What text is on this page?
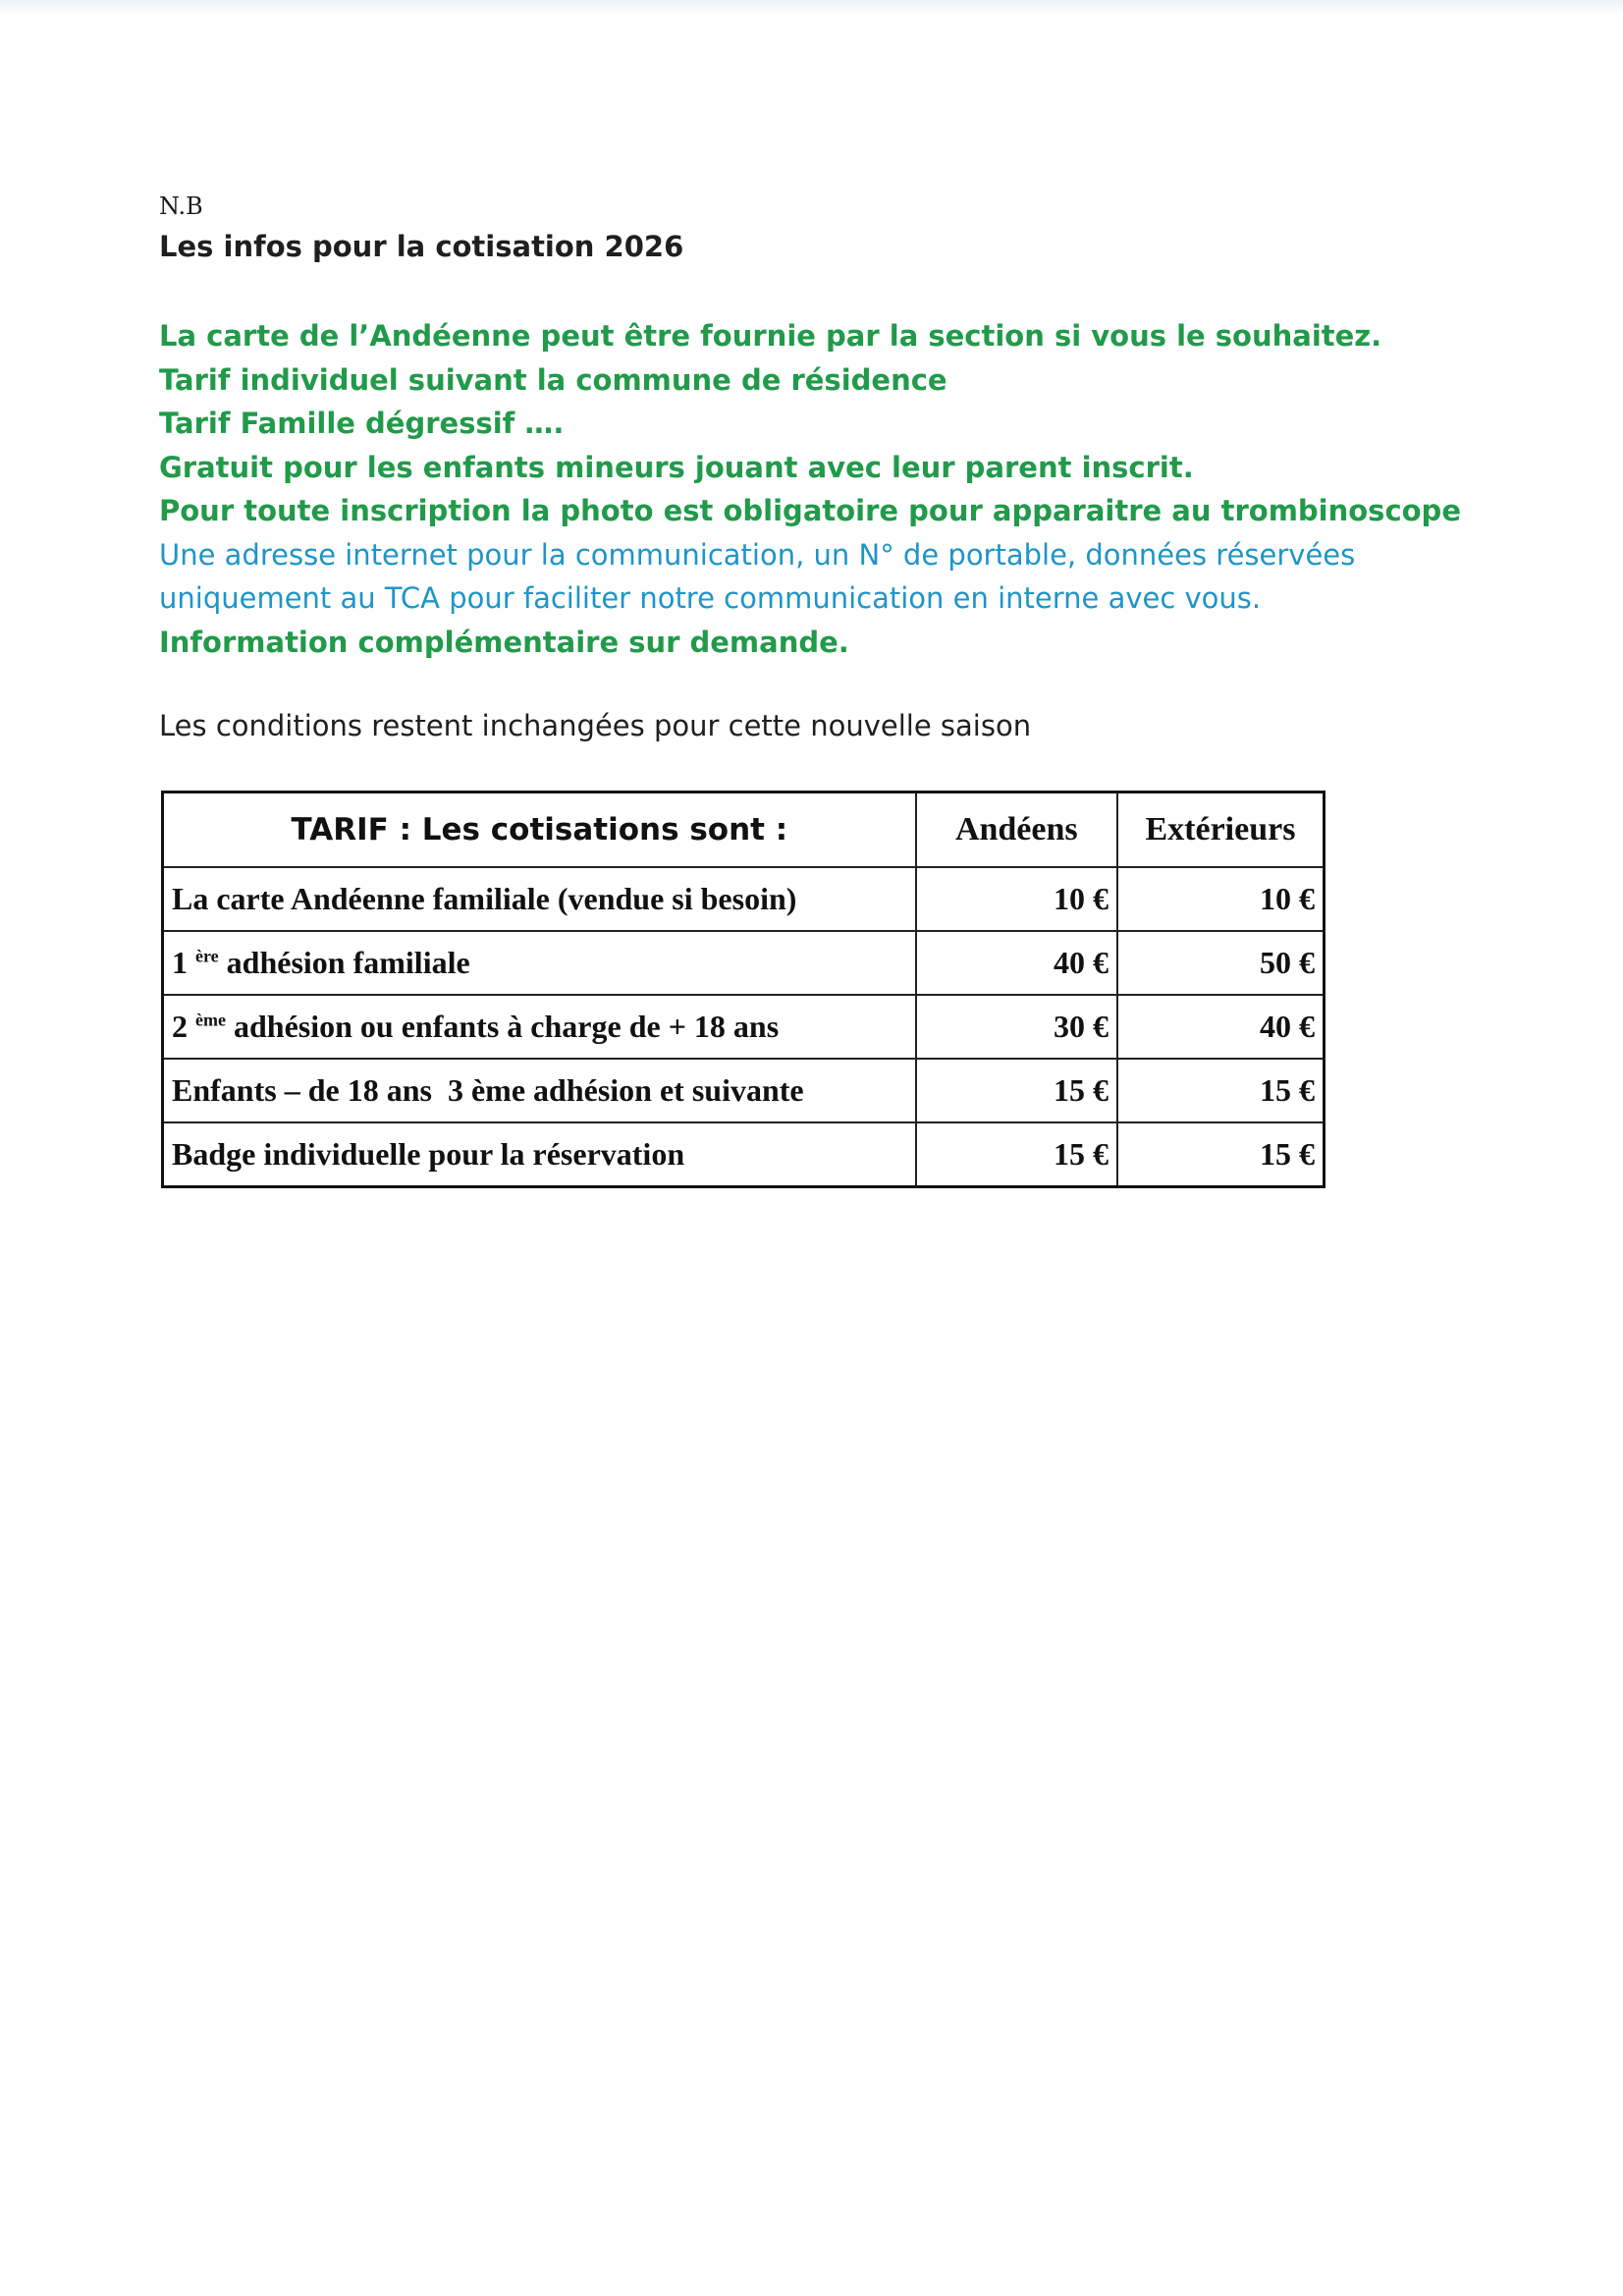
N.B
Les infos pour la cotisation 2026
La carte de l’Andéenne peut être fournie par la section si vous le souhaitez.
Tarif individuel suivant la commune de résidence
Tarif Famille dégressif ….
Gratuit pour les enfants mineurs jouant avec leur parent inscrit.
Pour toute inscription la photo est obligatoire pour apparaitre au trombinoscope
Une adresse internet pour la communication, un N° de portable, données réservées
uniquement au TCA pour faciliter notre communication en interne avec vous.
Information complémentaire sur demande.
Les conditions restent inchangées pour cette nouvelle saison
TARIF : Les cotisations sont :	Andéens	Extérieurs
La carte Andéenne familiale (vendue si besoin)	10 €	10 €
1 $^{ère}$ adhésion familiale	40 €	50 €
2 $^{ème}$ adhésion ou enfants à charge de + 18 ans	30 €	40 €
Enfants – de 18 ans  3 ème adhésion et suivante	15 €	15 €
Badge individuelle pour la réservation	15 €	15 €
